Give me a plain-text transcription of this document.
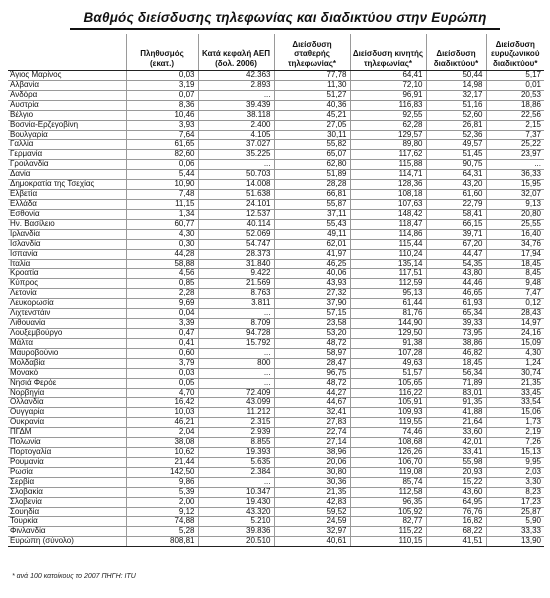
Βαθμός διείσδυσης τηλεφωνίας και διαδικτύου στην Ευρώπη
	Πληθυσμός (εκατ.)	Κατά κεφαλή ΑΕΠ (δολ. 2006)	Διείσδυση σταθερής τηλεφωνίας*	Διείσδυση κινητής τηλεφωνίας*	Διείσδυση διαδικτύου*	Διείσδυση ευρυζωνικού διαδικτύου*
Άγιος Μαρίνος	0,03	42.363	77,78	64,41	50,44	5,17
Αλβανία	3,19	2.893	11,30	72,10	14,98	0,01
Ανδόρα	0,07	...	51,27	96,91	32,17	20,53
Αυστρία	8,36	39.439	40,36	116,83	51,16	18,86
Βέλγιο	10,46	38.118	45,21	92,55	52,60	22,56
Βοσνία-Ερζεγοβίνη	3,93	2.400	27,05	62,28	26,81	2,15
Βουλγαρία	7,64	4.105	30,11	129,57	52,36	7,37
Γαλλία	61,65	37.027	55,82	89,80	49,57	25,22
Γερμανία	82,60	35.225	65,07	117,62	51,45	23,97
Γροιλανδία	0,06	...	62,80	115,88	90,75	...
Δανία	5,44	50.703	51,89	114,71	64,31	36,33
Δημοκρατία της Τσεχίας	10,90	14.008	28,28	128,36	43,20	15,95
Ελβετία	7,48	51.638	66,81	108,18	61,60	32,07
Ελλάδα	11,15	24.101	55,87	107,63	22,79	9,13
Εσθονία	1,34	12.537	37,11	148,42	58,41	20,80
Ην. Βασίλειο	60,77	40.114	55,43	118,47	66,15	25,55
Ιρλανδία	4,30	52.069	49,11	114,86	39,71	16,40
Ισλανδία	0,30	54.747	62,01	115,44	67,20	34,76
Ισπανία	44,28	28.373	41,97	110,24	44,47	17,94
Ιταλία	58,88	31.840	46,25	135,14	54,35	18,45
Κροατία	4,56	9.422	40,06	117,51	43,80	8,45
Κύπρος	0,85	21.569	43,93	112,59	44,46	9,48
Λετονία	2,28	8.763	27,32	95,13	46,65	7,47
Λευκορωσία	9,69	3.811	37,90	61,44	61,93	0,12
Λιχτενστάιν	0,04	...	57,15	81,76	65,34	28,43
Λιθουανία	3,39	8.709	23,58	144,90	39,33	14,97
Λουξεμβούργο	0,47	94.728	53,20	129,50	73,95	24,16
Μάλτα	0,41	15.792	48,72	91,38	38,86	15,09
Μαυροβούνιο	0,60	...	58,97	107,28	46,82	4,30
Μολδαβία	3,79	800	28,47	49,63	18,45	1,24
Μονακό	0,03	...	96,75	51,57	56,34	30,74
Νησιά Φερόε	0,05	...	48,72	105,65	71,89	21,35
Νορβηγία	4,70	72.409	44,27	116,22	83,01	33,45
Ολλανδία	16,42	43.099	44,67	105,91	91,35	33,54
Ουγγαρία	10,03	11.212	32,41	109,93	41,88	15,06
Ουκρανία	46,21	2.315	27,83	119,55	21,64	1,73
ΠΓΔΜ	2,04	2.939	22,74	74,46	33,60	2,19
Πολωνία	38,08	8.855	27,14	108,68	42,01	7,26
Πορτογαλία	10,62	19.393	38,96	126,26	33,41	15,13
Ρουμανία	21,44	5.635	20,06	106,70	55,98	9,95
Ρωσία	142,50	2.384	30,80	119,08	20,93	2,03
Σερβία	9,86	...	30,36	85,74	15,22	3,30
Σλοβακία	5,39	10.347	21,35	112,58	43,60	8,23
Σλοβενία	2,00	19.430	42,83	96,35	64,95	17,23
Σουηδία	9,12	43.320	59,52	105,92	76,76	25,87
Τουρκία	74,88	5.210	24,59	82,77	16,82	5,90
Φινλανδία	5,28	39.836	32,97	115,22	68,22	33,33
Ευρώπη (σύνολο)	808,81	20.510	40,61	110,15	41,51	13,90
* ανά 100 κατοίκους το 2007 ΠΗΓΗ: ITU
